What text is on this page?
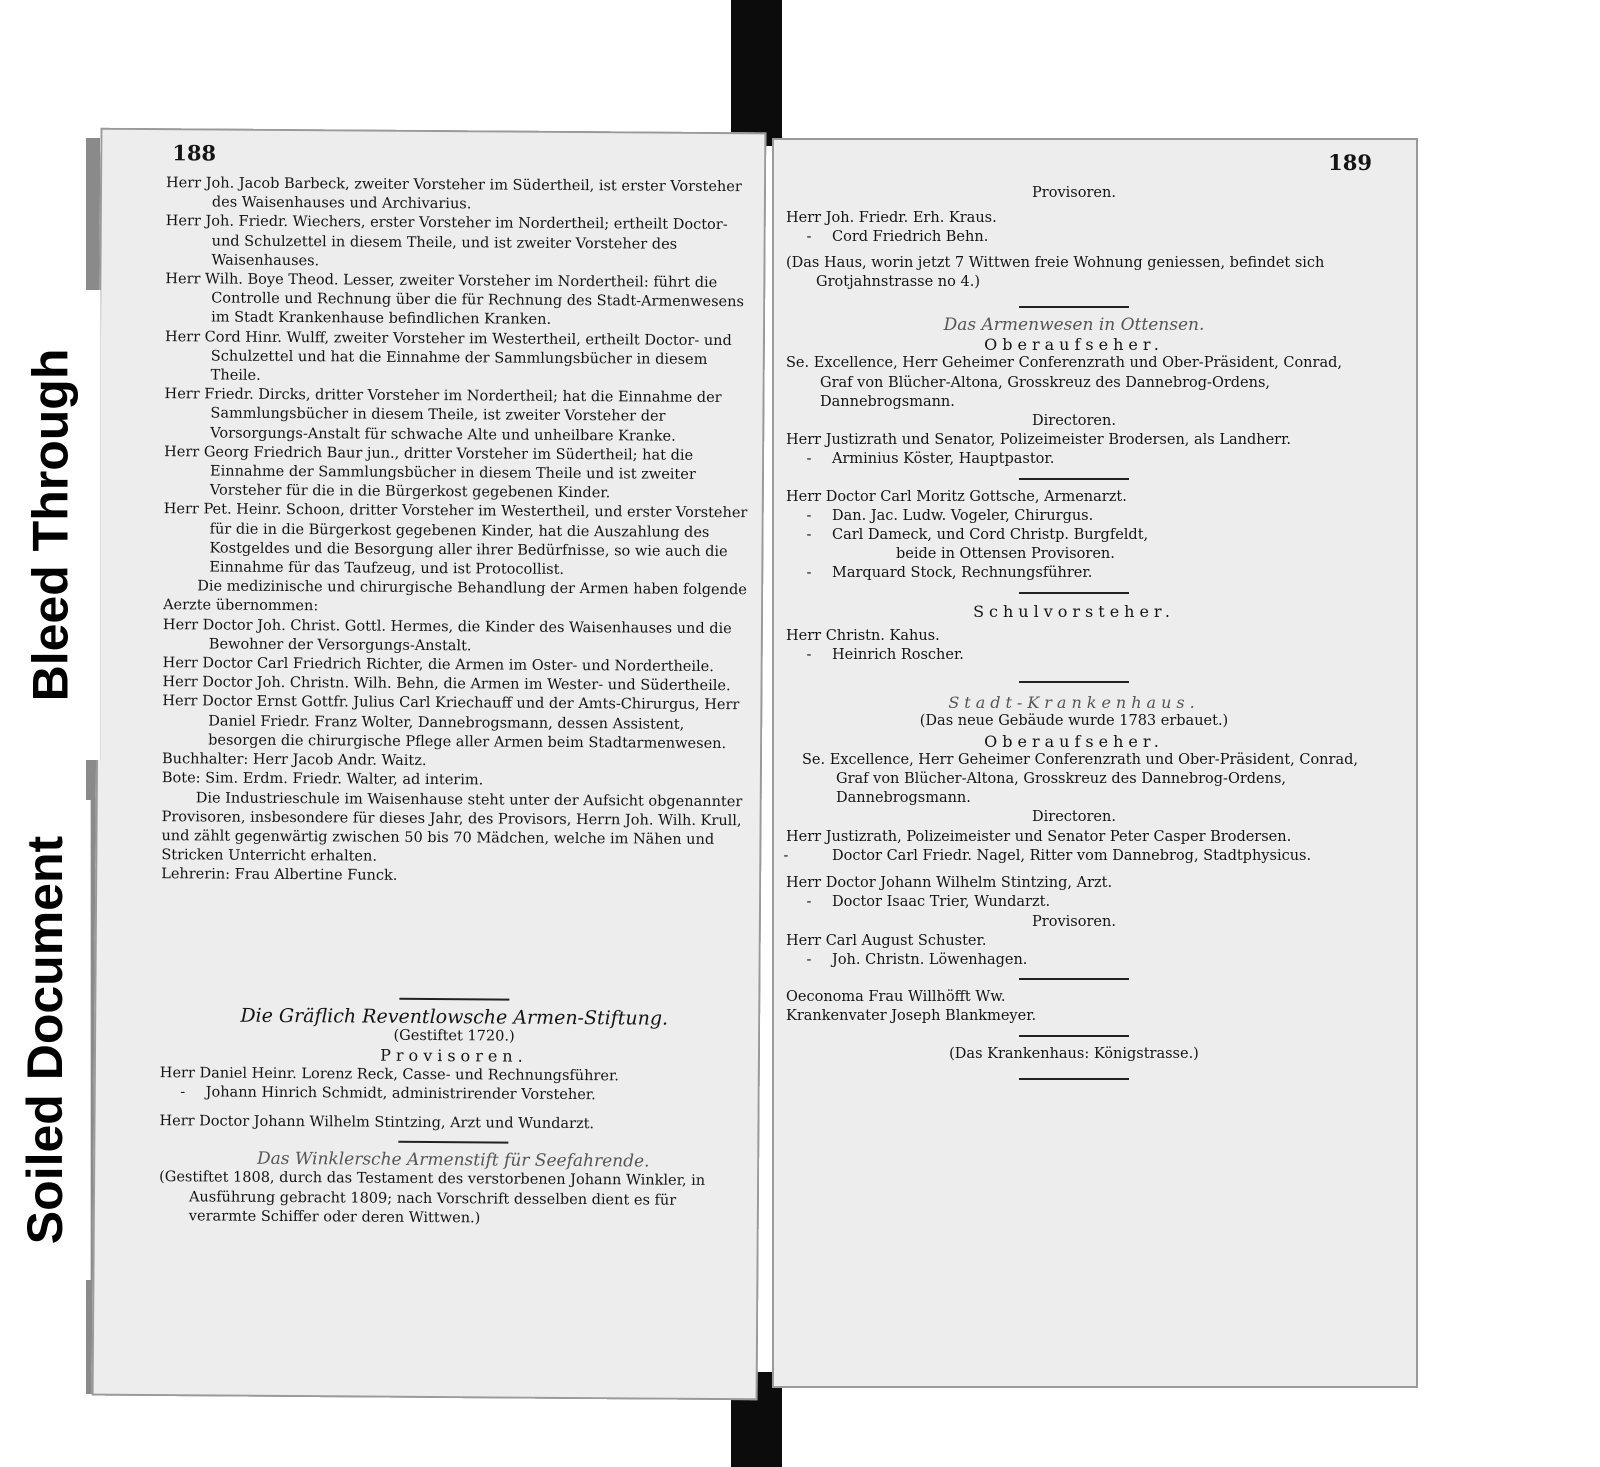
188

Herr Joh. Jacob Barbeck, zweiter Vorsteher im Südertheil, ist erster Vorsteher des Waisenhauses und Archivarius.

Herr Joh. Friedr. Wiechers, erster Vorsteher im Nordertheil; ertheilt Doctor- und Schulzettel in diesem Theile, und ist zweiter Vorsteher des Waisenhauses.

Herr Wilh. Boye Theod. Lesser, zweiter Vorsteher im Nordertheil: führt die Controlle und Rechnung über die für Rechnung des Stadt-Armenwesens im Stadt Krankenhause befindlichen Kranken.

Herr Cord Hinr. Wulff, zweiter Vorsteher im Westertheil, ertheilt Doctor- und Schulzettel und hat die Einnahme der Sammlungsbücher in diesem Theile.

Herr Friedr. Dircks, dritter Vorsteher im Nordertheil; hat die Einnahme der Sammlungsbücher in diesem Theile, ist zweiter Vorsteher der Vorsorgungs-Anstalt für schwache Alte und unheilbare Kranke.

Herr Georg Friedrich Baur jun., dritter Vorsteher im Südertheil; hat die Einnahme der Sammlungsbücher in diesem Theile und ist zweiter Vorsteher für die in die Bürgerkost gegebenen Kinder.

Herr Pet. Heinr. Schoon, dritter Vorsteher im Westertheil, und erster Vorsteher für die in die Bürgerkost gegebenen Kinder, hat die Auszahlung des Kostgeldes und die Besorgung aller ihrer Bedürfnisse, so wie auch die Einnahme für das Taufzeug, und ist Protocollist.

Die medizinische und chirurgische Behandlung der Armen haben folgende Aerzte übernommen:

Herr Doctor Joh. Christ. Gottl. Hermes, die Kinder des Waisenhauses und die Bewohner der Versorgungs-Anstalt.

Herr Doctor Carl Friedrich Richter, die Armen im Oster- und Nordertheile.

Herr Doctor Joh. Christn. Wilh. Behn, die Armen im Wester- und Südertheile.

Herr Doctor Ernst Gottfr. Julius Carl Kriechauff und der Amts-Chirurgus, Herr Daniel Friedr. Franz Wolter, Dannebrogsmann, dessen Assistent, besorgen die chirurgische Pflege aller Armen beim Stadtarmenwesen.

Buchhalter: Herr Jacob Andr. Waitz.

Bote: Sim. Erdm. Friedr. Walter, ad interim.

Die Industrieschule im Waisenhause steht unter der Aufsicht obgenannter Provisoren, insbesondere für dieses Jahr, des Provisors, Herrn Joh. Wilh. Krull, und zählt gegenwärtig zwischen 50 bis 70 Mädchen, welche im Nähen und Stricken Unterricht erhalten.

Lehrerin: Frau Albertine Funck.

Die Gräflich Reventlowsche Armen-Stiftung.

(Gestiftet 1720.)

Provisoren.

Herr Daniel Heinr. Lorenz Reck, Casse- und Rechnungsführer.

- Johann Hinrich Schmidt, administrirender Vorsteher.

Herr Doctor Johann Wilhelm Stintzing, Arzt und Wundarzt.

Das Winklersche Armenstift für Seefahrende.

(Gestiftet 1808, durch das Testament des verstorbenen Johann Winkler, in Ausführung gebracht 1809; nach Vorschrift desselben dient es für verarmte Schiffer oder deren Wittwen.)

189

Provisoren.

Herr Joh. Friedr. Erh. Kraus.

- Cord Friedrich Behn.

(Das Haus, worin jetzt 7 Wittwen freie Wohnung geniessen, befindet sich Grotjahnstrasse no 4.)

Das Armenwesen in Ottensen.

Oberaufseher.

Se. Excellence, Herr Geheimer Conferenzrath und Ober-Präsident, Conrad, Graf von Blücher-Altona, Grosskreuz des Dannebrog-Ordens, Dannebrogsmann.

Directoren.

Herr Justizrath und Senator, Polizeimeister Brodersen, als Landherr.

- Arminius Köster, Hauptpastor.

Herr Doctor Carl Moritz Gottsche, Armenarzt.

- Dan. Jac. Ludw. Vogeler, Chirurgus.

- Carl Dameck, und Cord Christp. Burgfeldt,

beide in Ottensen Provisoren.

- Marquard Stock, Rechnungsführer.

Schulvorsteher.

Herr Christn. Kahus.

- Heinrich Roscher.

Stadt-Krankenhaus.

(Das neue Gebäude wurde 1783 erbauet.)

Oberaufseher.

Se. Excellence, Herr Geheimer Conferenzrath und Ober-Präsident, Conrad, Graf von Blücher-Altona, Grosskreuz des Dannebrog-Ordens, Dannebrogsmann.

Directoren.

Herr Justizrath, Polizeimeister und Senator Peter Casper Brodersen.

-	Doctor Carl Friedr. Nagel, Ritter vom Dannebrog, Stadtphysicus.

Herr Doctor Johann Wilhelm Stintzing, Arzt.

- Doctor Isaac Trier, Wundarzt.

Provisoren.

Herr Carl August Schuster.

- Joh. Christn. Löwenhagen.

Oeconoma Frau Willhöfft Ww.

Krankenvater Joseph Blankmeyer.

(Das Krankenhaus: Königstrasse.)

Bleed Through
Soiled Document
